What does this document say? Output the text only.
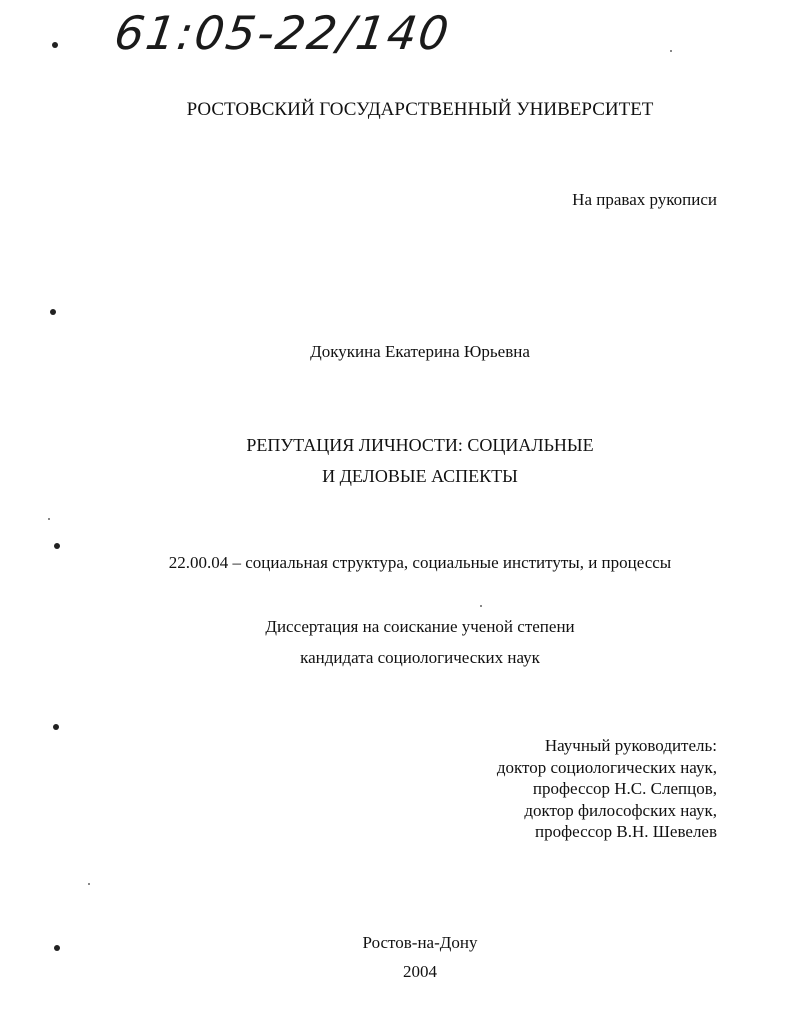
61:05-22/140
РОСТОВСКИЙ ГОСУДАРСТВЕННЫЙ УНИВЕРСИТЕТ
На правах рукописи
Докукина Екатерина Юрьевна
РЕПУТАЦИЯ ЛИЧНОСТИ: СОЦИАЛЬНЫЕ
И ДЕЛОВЫЕ АСПЕКТЫ
22.00.04 – социальная структура, социальные институты, и процессы
Диссертация на соискание ученой степени
кандидата социологических наук
Научный руководитель:
доктор социологических наук,
профессор Н.С. Слепцов,
доктор философских наук,
профессор В.Н. Шевелев
Ростов-на-Дону
2004
